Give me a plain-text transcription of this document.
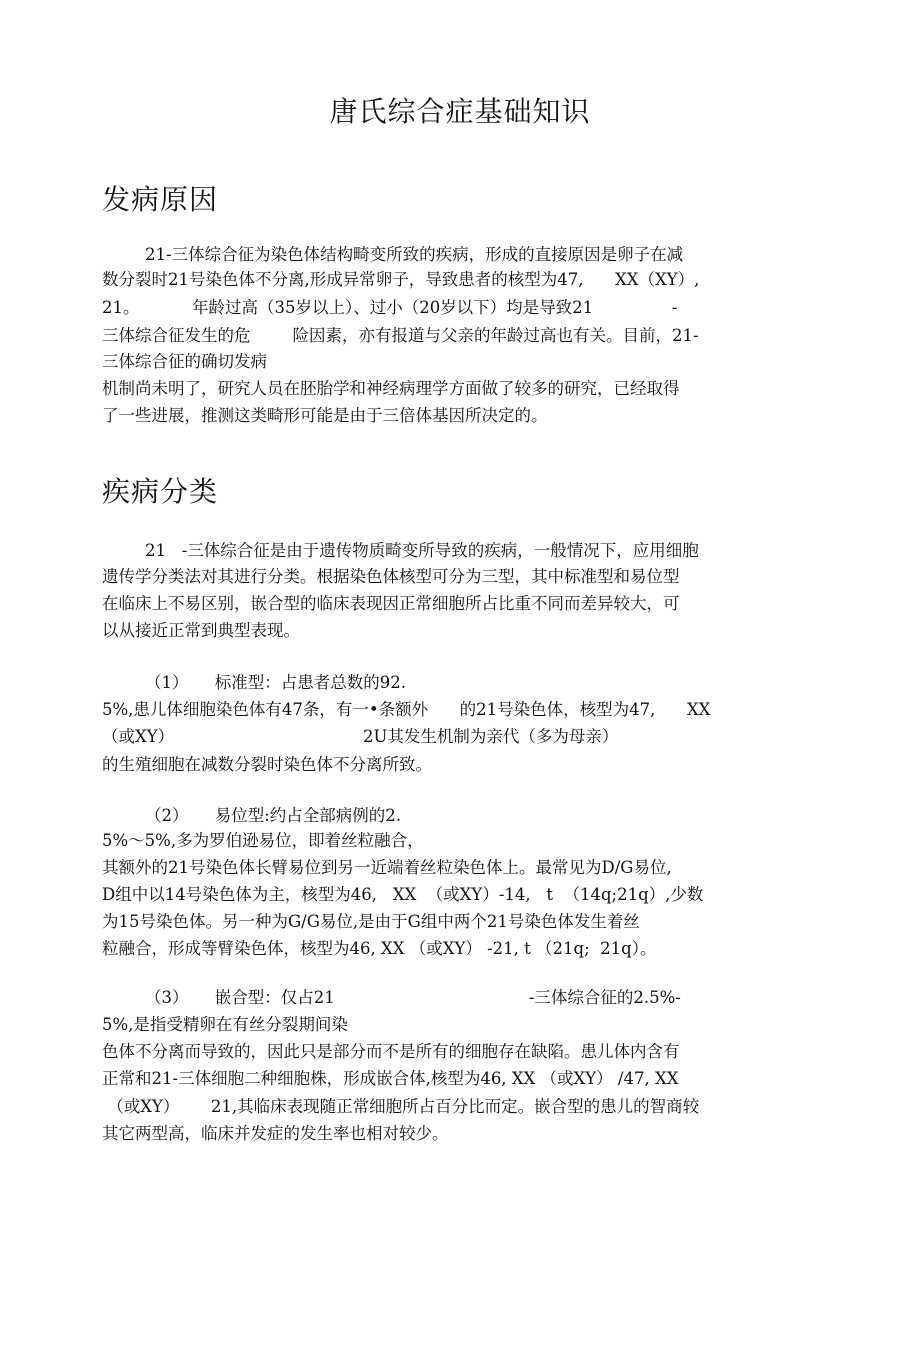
唐氏综合症基础知识
发病原因
21-三体综合征为染色体结构畸变所致的疾病，形成的直接原因是卵子在减
数分裂时21号染色体不分离,形成异常卵子，导致患者的核型为47,      XX（XY）,
21。          年龄过高（35岁以上）、过小（20岁以下）均是导致21               -
三体综合征发生的危        险因素，亦有报道与父亲的年龄过高也有关。目前，21-
三体综合征的确切发病
机制尚未明了，研究人员在胚胎学和神经病理学方面做了较多的研究，已经取得
了一些进展，推测这类畸形可能是由于三倍体基因所决定的。
疾病分类
21   -三体综合征是由于遗传物质畸变所导致的疾病，一般情况下，应用细胞
遗传学分类法对其进行分类。根据染色体核型可分为三型，其中标准型和易位型
在临床上不易区别，嵌合型的临床表现因正常细胞所占比重不同而差异较大，可
以从接近正常到典型表现。
（1）     标准型：占患者总数的92.
5%,患儿体细胞染色体有47条，有一•条额外      的21号染色体，核型为47,      XX
（或XY）                                    2U其发生机制为亲代（多为母亲）
的生殖细胞在减数分裂时染色体不分离所致。
（2）     易位型:约占全部病例的2.
5%～5%,多为罗伯逊易位，即着丝粒融合，
其额外的21号染色体长臂易位到另一近端着丝粒染色体上。最常见为D/G易位,
D组中以14号染色体为主，核型为46,   XX  （或XY）-14,   t  （14q;21q）,少数
为15号染色体。另一种为G/G易位,是由于G组中两个21号染色体发生着丝
粒融合，形成等臂染色体，核型为46, XX （或XY） -21, t （21q;  21q）。
（3）     嵌合型：仅占21                                     -三体综合征的2.5%-
5%,是指受精卵在有丝分裂期间染
色体不分离而导致的，因此只是部分而不是所有的细胞存在缺陷。患儿体内含有
正常和21-三体细胞二种细胞株，形成嵌合体,核型为46, XX （或XY） /47, XX
（或XY）      21,其临床表现随正常细胞所占百分比而定。嵌合型的患儿的智商较
其它两型高，临床并发症的发生率也相对较少。
